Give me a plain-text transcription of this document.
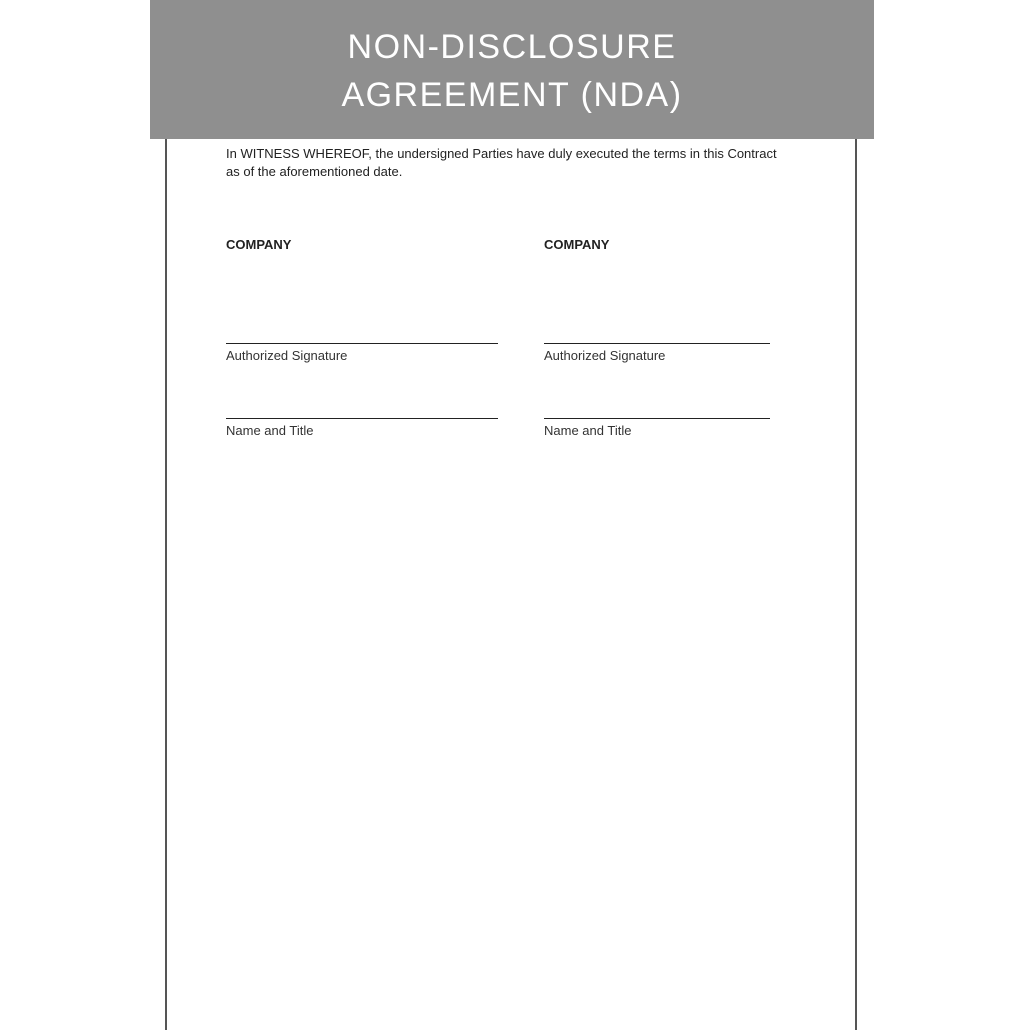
NON-DISCLOSURE
AGREEMENT (NDA)
In WITNESS WHEREOF, the undersigned Parties have duly executed the terms in this Contract as of the aforementioned date.
COMPANY
Authorized Signature
Name and Title
COMPANY
Authorized Signature
Name and Title
